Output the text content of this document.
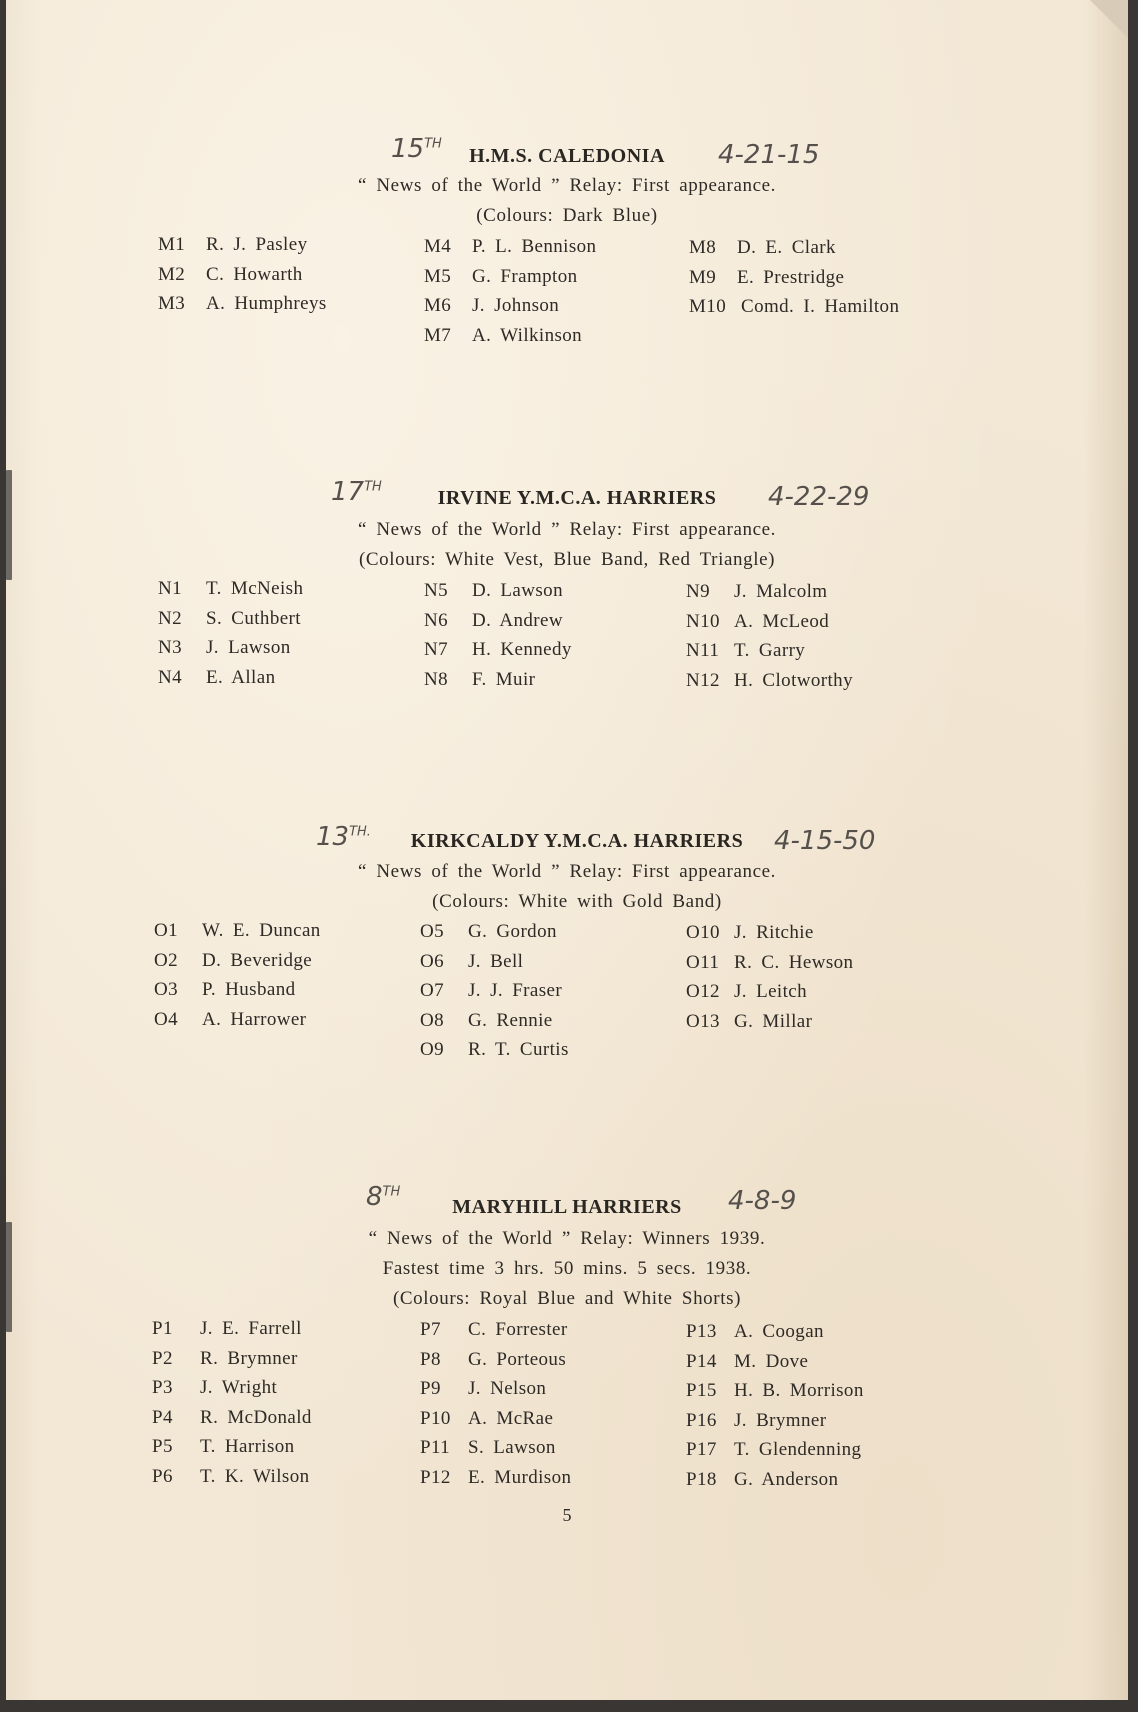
15TH
H.M.S. CALEDONIA	4-21-15
“ News of the World ” Relay: First appearance.
(Colours: Dark Blue)
M1 R. J. Pasley
M2 C. Howarth
M3 A. Humphreys
M4 P. L. Bennison
M5 G. Frampton
M6 J. Johnson
M7 A. Wilkinson
M8 D. E. Clark
M9 E. Prestridge
M10 Comd. I. Hamilton
17TH
IRVINE Y.M.C.A. HARRIERS	4-22-29
“ News of the World ” Relay: First appearance.
(Colours: White Vest, Blue Band, Red Triangle)
N1 T. McNeish
N2 S. Cuthbert
N3 J. Lawson
N4 E. Allan
N5 D. Lawson
N6 D. Andrew
N7 H. Kennedy
N8 F. Muir
N9 J. Malcolm
N10 A. McLeod
N11 T. Garry
N12 H. Clotworthy
$13^{TH.}$	KIRKCALDY Y.M.C.A. HARRIERS	4-15-50
“ News of the World ” Relay: First appearance.
(Colours: White with Gold Band)
O1 W. E. Duncan
O2 D. Beveridge
O3 P. Husband
O4 A. Harrower
O5 G. Gordon
O6 J. Bell
O7 J. J. Fraser
O8 G. Rennie
O9 R. T. Curtis
O10 J. Ritchie
O11 R. C. Hewson
O12 J. Leitch
O13 G. Millar
8TH
MARYHILL HARRIERS	4-8-9
“ News of the World ” Relay: Winners 1939.
Fastest time 3 hrs. 50 mins. 5 secs. 1938.
(Colours: Royal Blue and White Shorts)
P1 J. E. Farrell
P2 R. Brymner
P3 J. Wright
P4 R. McDonald
P5 T. Harrison
P6 T. K. Wilson
P7 C. Forrester
P8 G. Porteous
P9 J. Nelson
P10 A. McRae
P11 S. Lawson
P12 E. Murdison
P13 A. Coogan
P14 M. Dove
P15 H. B. Morrison
P16 J. Brymner
P17 T. Glendenning
P18 G. Anderson
5
